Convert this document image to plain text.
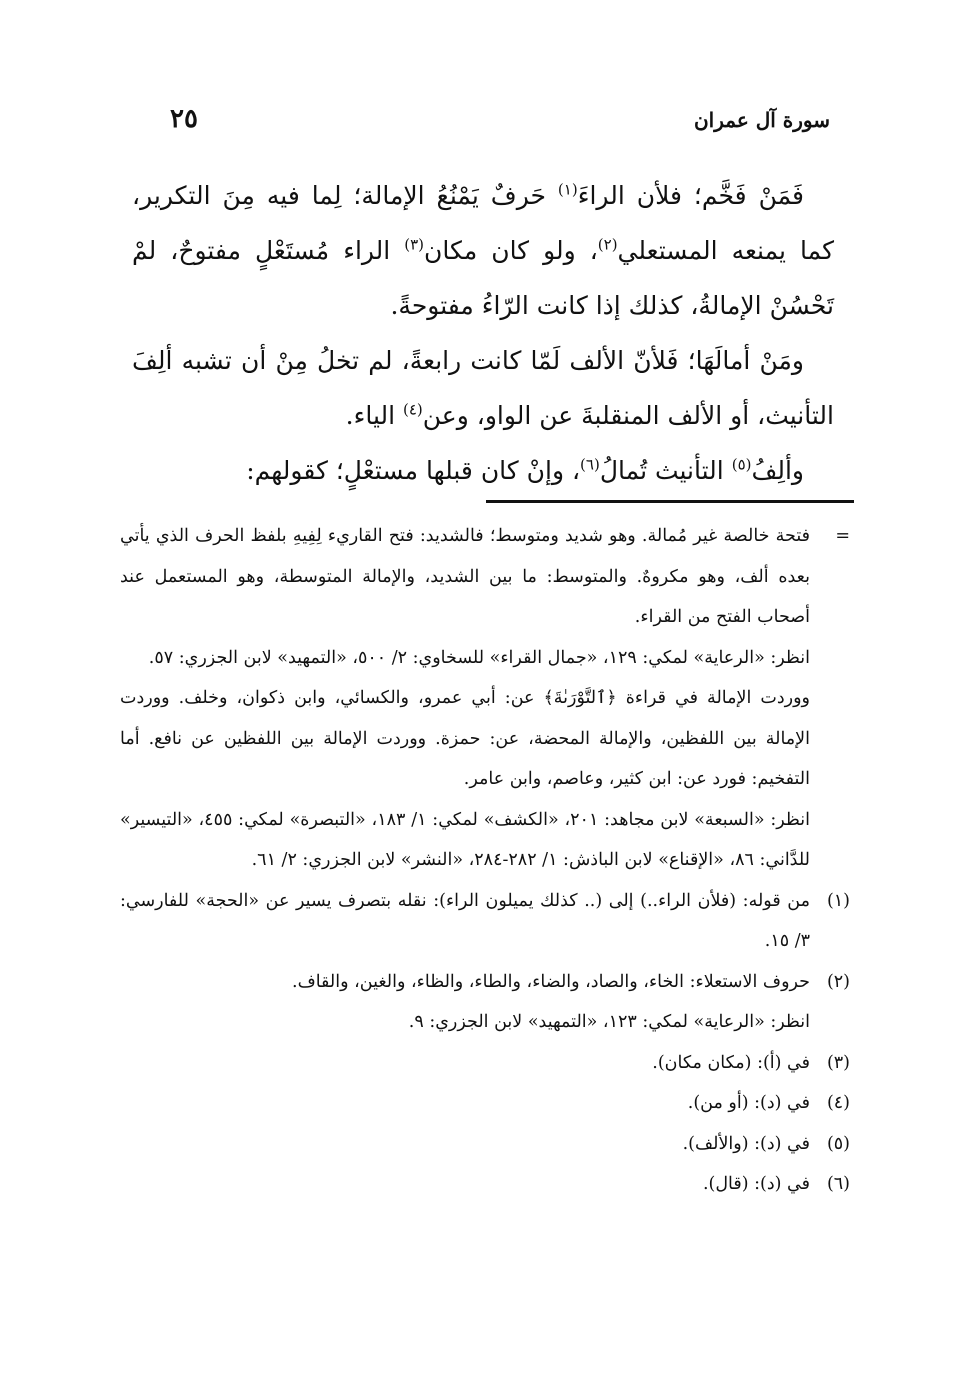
سورة آل عمران
٢٥

فَمَنْ فَخَّم؛ فلأن الراءَ$^{(١)}$ حَرفٌ يَمْنُعُ الإمالة؛ لِما فيه مِنَ التكرير، كما يمنعه المستعلي$^{(٢)}$، ولو كان مكان$^{(٣)}$ الراء مُستَعْلٍ مفتوحٌ، لمْ تَحْسُنْ الإمالةُ، كذلك إذا كانت الرّاءُ مفتوحةً.

ومَنْ أمالَهَا؛ فَلأنّ الألف لَمّا كانت رابعةً، لم تخلُ مِنْ أن تشبه ألِفَ التأنيث، أو الألف المنقلبةَ عن الواو، وعن$^{(٤)}$ الياء.

وألِفُ$^{(٥)}$ التأنيث تُمالُ$^{(٦)}$، وإنْ كان قبلها مستعْلٍ؛ كقولهم:

=
فتحة خالصة غير مُمالة. وهو شديد ومتوسط؛ فالشديد: فتح القاريء لِفِيهِ بلفظ الحرف الذي يأتي بعده ألف، وهو مكروهٌ. والمتوسط: ما بين الشديد، والإمالة المتوسطة، وهو المستعمل عند أصحاب الفتح من القراء.

انظر: «الرعاية» لمكي: ١٢٩، «جمال القراء» للسخاوي: ٢/ ٥٠٠، «التمهيد» لابن الجزري: ٥٧.

ووردت الإمالة في قراءة ﴿ٱلتَّوْرَىٰةَ﴾ عن: أبي عمرو، والكسائي، وابن ذكوان، وخلف. ووردت الإمالة بين اللفظين، والإمالة المحضة، عن: حمزة. ووردت الإمالة بين اللفظين عن نافع. أما التفخيم: فورد عن: ابن كثير، وعاصم، وابن عامر.

انظر: «السبعة» لابن مجاهد: ٢٠١، «الكشف» لمكي: ١/ ١٨٣، «التبصرة» لمكي: ٤٥٥، «التيسير» للدَّاني: ٨٦، «الإقناع» لابن الباذش: ١/ ٢٨٢-٢٨٤، «النشر» لابن الجزري: ٢/ ٦١.

(١)
من قوله: (فلأن الراء..) إلى (.. كذلك يميلون الراء): نقله بتصرف يسير عن «الحجة» للفارسي: ٣/ ١٥.
(٢)
حروف الاستعلاء: الخاء، والصاد، والضاء، والطاء، والظاء، والغين، والقاف.
انظر: «الرعاية» لمكي: ١٢٣، «التمهيد» لابن الجزري: ٩.
(٣)
في (أ): (مكان مكان).
(٤)
في (د): (أو من).
(٥)
في (د): (والألف).
(٦)
في (د): (قال).
